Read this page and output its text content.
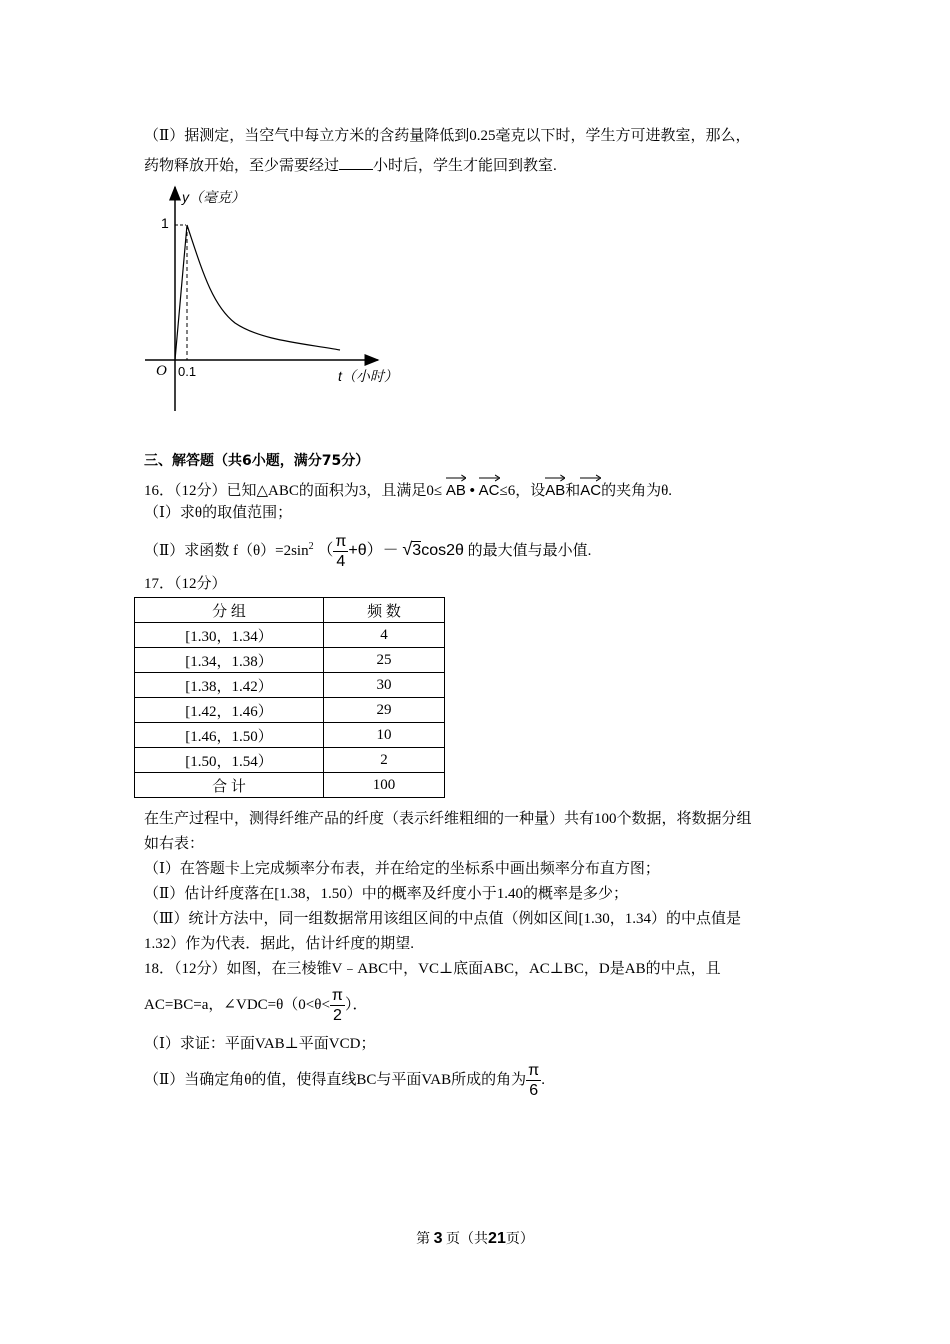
（Ⅱ）据测定，当空气中每立方米的含药量降低到0.25毫克以下时，学生方可进教室，那么，
药物释放开始，至少需要经过 小时后，学生才能回到教室.
y（毫克）
1
O 0.1	t（小时）
三、解答题（共6小题，满分75分）
16．（12分）已知△ABC的面积为3，且满足0≤ AB • AC≤6，设
AB和
AC的夹角为θ.
（Ⅰ）求θ的取值范围；
（Ⅱ）求函数 $f(\theta)=2\sin^2$ （ $\frac{\pi}{4} +\theta)- √3\cos 2\theta$ 的最大值与最小值.
17．（12分）
分 组	频 数
[1.30，1.34）	4
[1.34，1.38）	25
[1.38，1.42）	30
[1.42，1.46）	29
[1.46，1.50）	10
[1.50，1.54）	2
合 计	100
在生产过程中，测得纤维产品的纤度（表示纤维粗细的一种量）共有100个数据，将数据分组
如右表：
（Ⅰ）在答题卡上完成频率分布表，并在给定的坐标系中画出频率分布直方图；
（Ⅱ）估计纤度落在[1.38，1.50）中的概率及纤度小于1.40的概率是多少；
（Ⅲ）统计方法中，同一组数据常用该组区间的中点值（例如区间[1.30，1.34）的中点值是
1.32）作为代表．据此，估计纤度的期望.
18．（12分）如图，在三棱锥V﹣ABC中，VC⊥底面ABC，AC⊥BC，D是AB的中点，且
AC=BC=a，∠VDC=θ（0<θ< $\frac{\pi}{2}$ ）．
（Ⅰ）求证：平面VAB⊥平面VCD；
（Ⅱ）当确定角θ的值，使得直线BC与平面VAB所成的角为 $\frac{\pi}{6}$ .
第 3 页（共21页）
